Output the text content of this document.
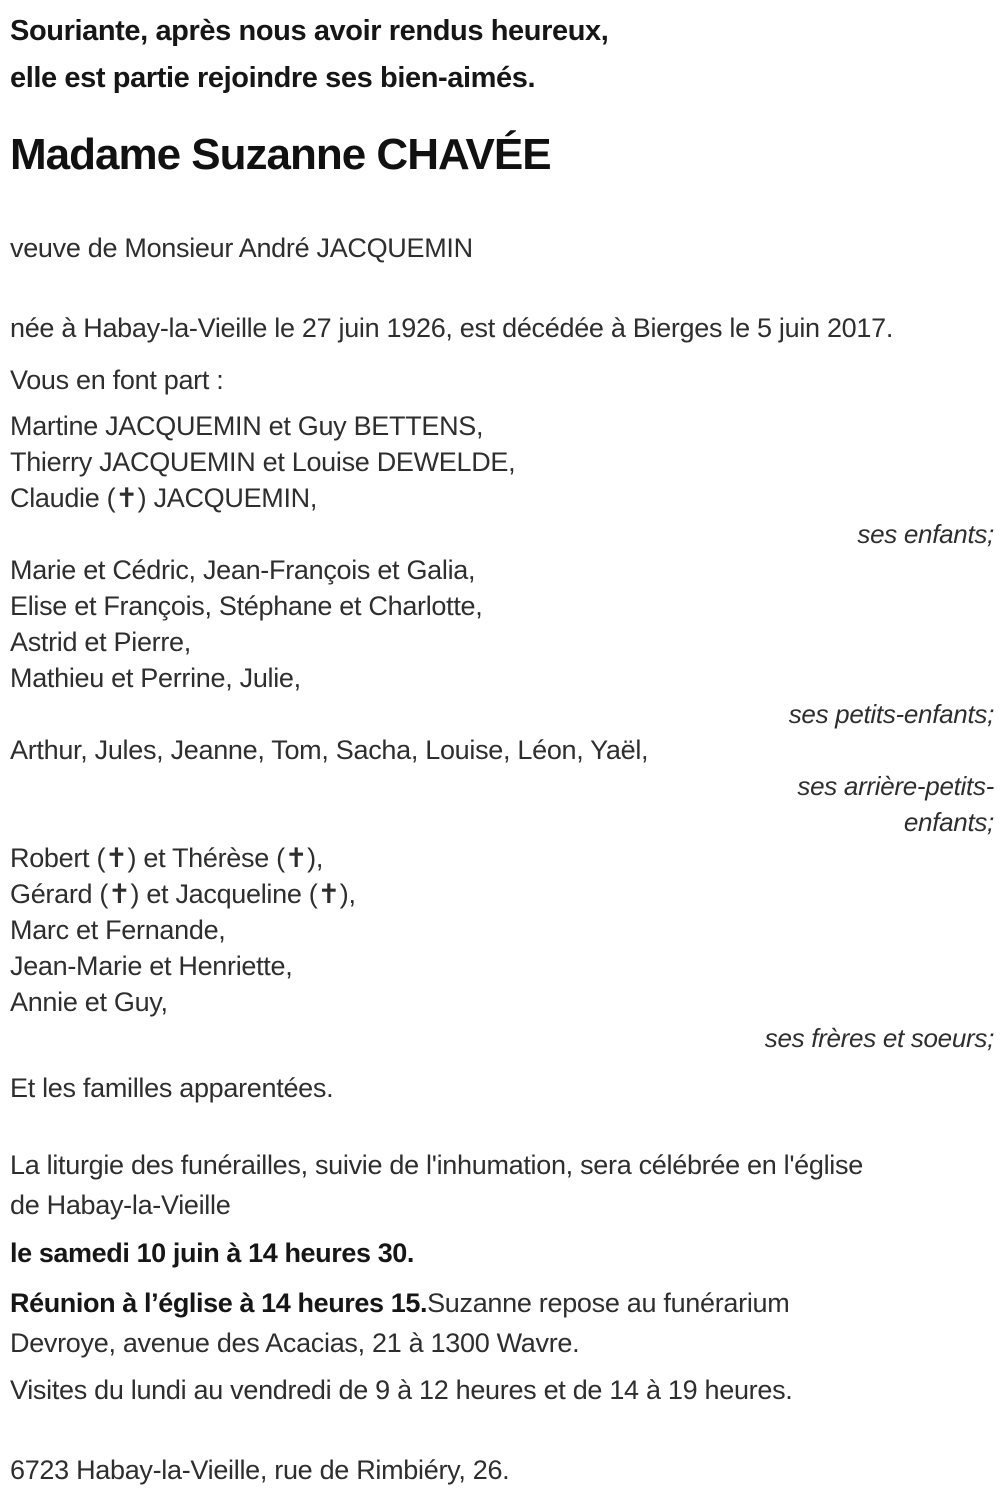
Souriante, après nous avoir rendus heureux,
elle est partie rejoindre ses bien-aimés.
Madame Suzanne CHAVÉE

veuve de Monsieur André JACQUEMIN

née à Habay-la-Vieille le 27 juin 1926, est décédée à Bierges le 5 juin 2017.

Vous en font part :

Martine JACQUEMIN et Guy BETTENS,
Thierry JACQUEMIN et Louise DEWELDE,
Claudie (✝) JACQUEMIN,
ses enfants;
Marie et Cédric, Jean-François et Galia,
Elise et François, Stéphane et Charlotte,
Astrid et Pierre,
Mathieu et Perrine, Julie,
ses petits-enfants;
Arthur, Jules, Jeanne, Tom, Sacha, Louise, Léon, Yaël,
ses arrière-petits-enfants;
Robert (✝) et Thérèse (✝),
Gérard (✝) et Jacqueline (✝),
Marc et Fernande,
Jean-Marie et Henriette,
Annie et Guy,
ses frères et soeurs;

Et les familles apparentées.

La liturgie des funérailles, suivie de l'inhumation, sera célébrée en l'église
de Habay-la-Vieille

le samedi 10 juin à 14 heures 30.

Réunion à l’église à 14 heures 15.Suzanne repose au funérarium
Devroye, avenue des Acacias, 21 à 1300 Wavre.

Visites du lundi au vendredi de 9 à 12 heures et de 14 à 19 heures.

6723 Habay-la-Vieille, rue de Rimbiéry, 26.
